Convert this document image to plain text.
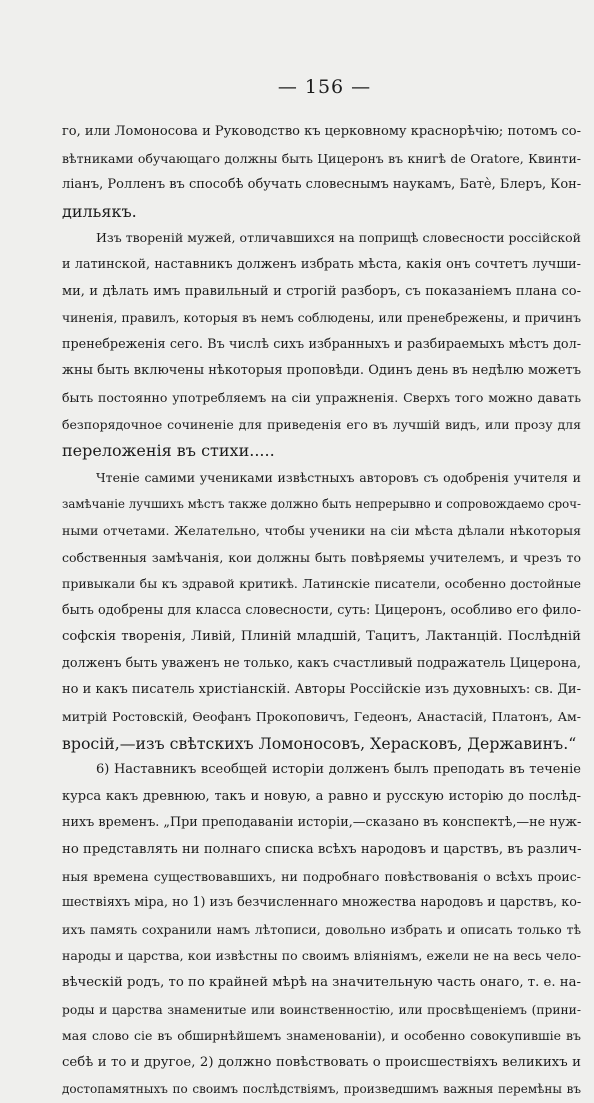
— 156 —
го, или Ломоносова и Руководство къ церковному краснорѣчію; потомъ со-
вѣтниками обучающаго должны быть Цицеронъ въ книгѣ de Oratore, Квинти-
ліанъ, Ролленъ въ способѣ обучать словеснымъ наукамъ, Батѐ, Блеръ, Кон-
дильякъ.
Изъ твореній мужей, отличавшихся на поприщѣ словесности россійской
и латинской, наставникъ долженъ избрать мѣста, какія онъ сочтетъ лучши-
ми, и дѣлать имъ правильный и строгій разборъ, съ показаніемъ плана со-
чиненія, правилъ, которыя въ немъ соблюдены, или пренебрежены, и причинъ
пренебреженія сего. Въ числѣ сихъ избранныхъ и разбираемыхъ мѣстъ дол-
жны быть включены нѣкоторыя проповѣди. Одинъ день въ недѣлю можетъ
быть постоянно употребляемъ на сіи упражненія. Сверхъ того можно давать
безпорядочное сочиненіе для приведенія его въ лучшій видъ, или прозу для
переложенія въ стихи.....
Чтеніе самими учениками извѣстныхъ авторовъ съ одобренія учителя и
замѣчаніе лучшихъ мѣстъ также должно быть непрерывно и сопровождаемо сроч-
ными отчетами. Желательно, чтобы ученики на сіи мѣста дѣлали нѣкоторыя
собственныя замѣчанія, кои должны быть повѣряемы учителемъ, и чрезъ то
привыкали бы къ здравой критикѣ. Латинскіе писатели, особенно достойные
быть одобрены для класса словесности, суть: Цицеронъ, особливо его фило-
софскія творенія, Ливій, Плиній младшій, Тацитъ, Лактанцій. Послѣдній
долженъ быть уваженъ не только, какъ счастливый подражатель Цицерона,
но и какъ писатель христіанскій. Авторы Россійскіе изъ духовныхъ: св. Ди-
митрій Ростовскій, Ѳеофанъ Прокоповичъ, Гедеонъ, Анастасій, Платонъ, Ам-
вросій,—изъ свѣтскихъ Ломоносовъ, Херасковъ, Державинъ.“
6) Наставникъ всеобщей исторіи долженъ былъ преподать въ теченіе
курса какъ древнюю, такъ и новую, а равно и русскую исторію до послѣд-
нихъ временъ. „При преподаваніи исторіи,—сказано въ конспектѣ,—не нуж-
но представлять ни полнаго списка всѣхъ народовъ и царствъ, въ различ-
ныя времена существовавшихъ, ни подробнаго повѣствованія о всѣхъ проис-
шествіяхъ міра, но 1) изъ безчисленнаго множества народовъ и царствъ, ко-
ихъ память сохранили намъ лѣтописи, довольно избрать и описать только тѣ
народы и царства, кои извѣстны по своимъ вліяніямъ, ежели не на весь чело-
вѣческій родъ, то по крайней мѣрѣ на значительную часть онаго, т. е. на-
роды и царства знаменитые или воинственностію, или просвѣщеніемъ (прини-
мая слово сіе въ обширнѣйшемъ знаменованіи), и особенно совокупившіе въ
себѣ и то и другое, 2) должно повѣствовать о происшествіяхъ великихъ и
достопамятныхъ по своимъ послѣдствіямъ, произведшимъ важныя перемѣны въ
